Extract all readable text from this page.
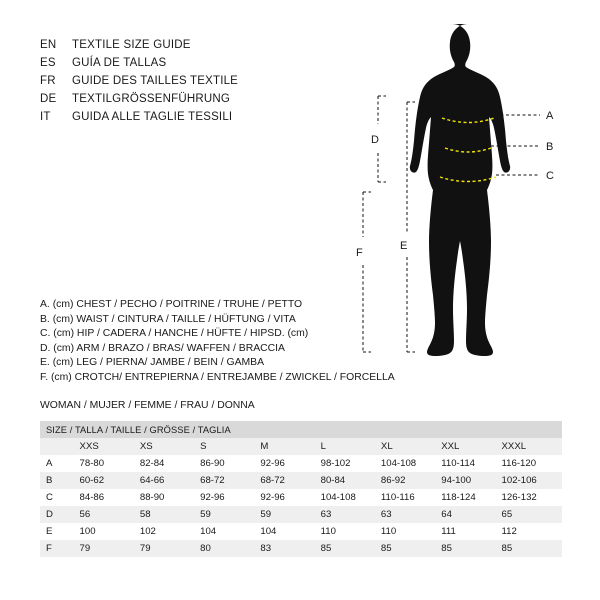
EN	TEXTILE SIZE GUIDE
ES	GUÍA DE TALLAS
FR	GUIDE DES TAILLES TEXTILE
DE	TEXTILGRÖSSENFÜHRUNG
IT	GUIDA ALLE TAGLIE TESSILI
A. (cm) CHEST / PECHO / POITRINE / TRUHE / PETTO
B. (cm) WAIST / CINTURA / TAILLE / HÜFTUNG / VITA
C. (cm) HIP / CADERA / HANCHE / HÜFTE / HIPSD. (cm)
D. (cm) ARM / BRAZO / BRAS/ WAFFEN / BRACCIA
E. (cm) LEG / PIERNA/ JAMBE / BEIN / GAMBA
F. (cm) CROTCH/ ENTREPIERNA / ENTREJAMBE / ZWICKEL / FORCELLA
WOMAN / MUJER / FEMME / FRAU / DONNA
A
B
C
D
E
F
SIZE / TALLA / TAILLE / GRÖSSE / TAGLIA								
	XXS	XS	S	M	L	XL	XXL	XXXL
A	78-80	82-84	86-90	92-96	98-102	104-108	110-114	116-120
B	60-62	64-66	68-72	68-72	80-84	86-92	94-100	102-106
C	84-86	88-90	92-96	92-96	104-108	110-116	118-124	126-132
D	56	58	59	59	63	63	64	65
E	100	102	104	104	110	110	111	112
F	79	79	80	83	85	85	85	85
